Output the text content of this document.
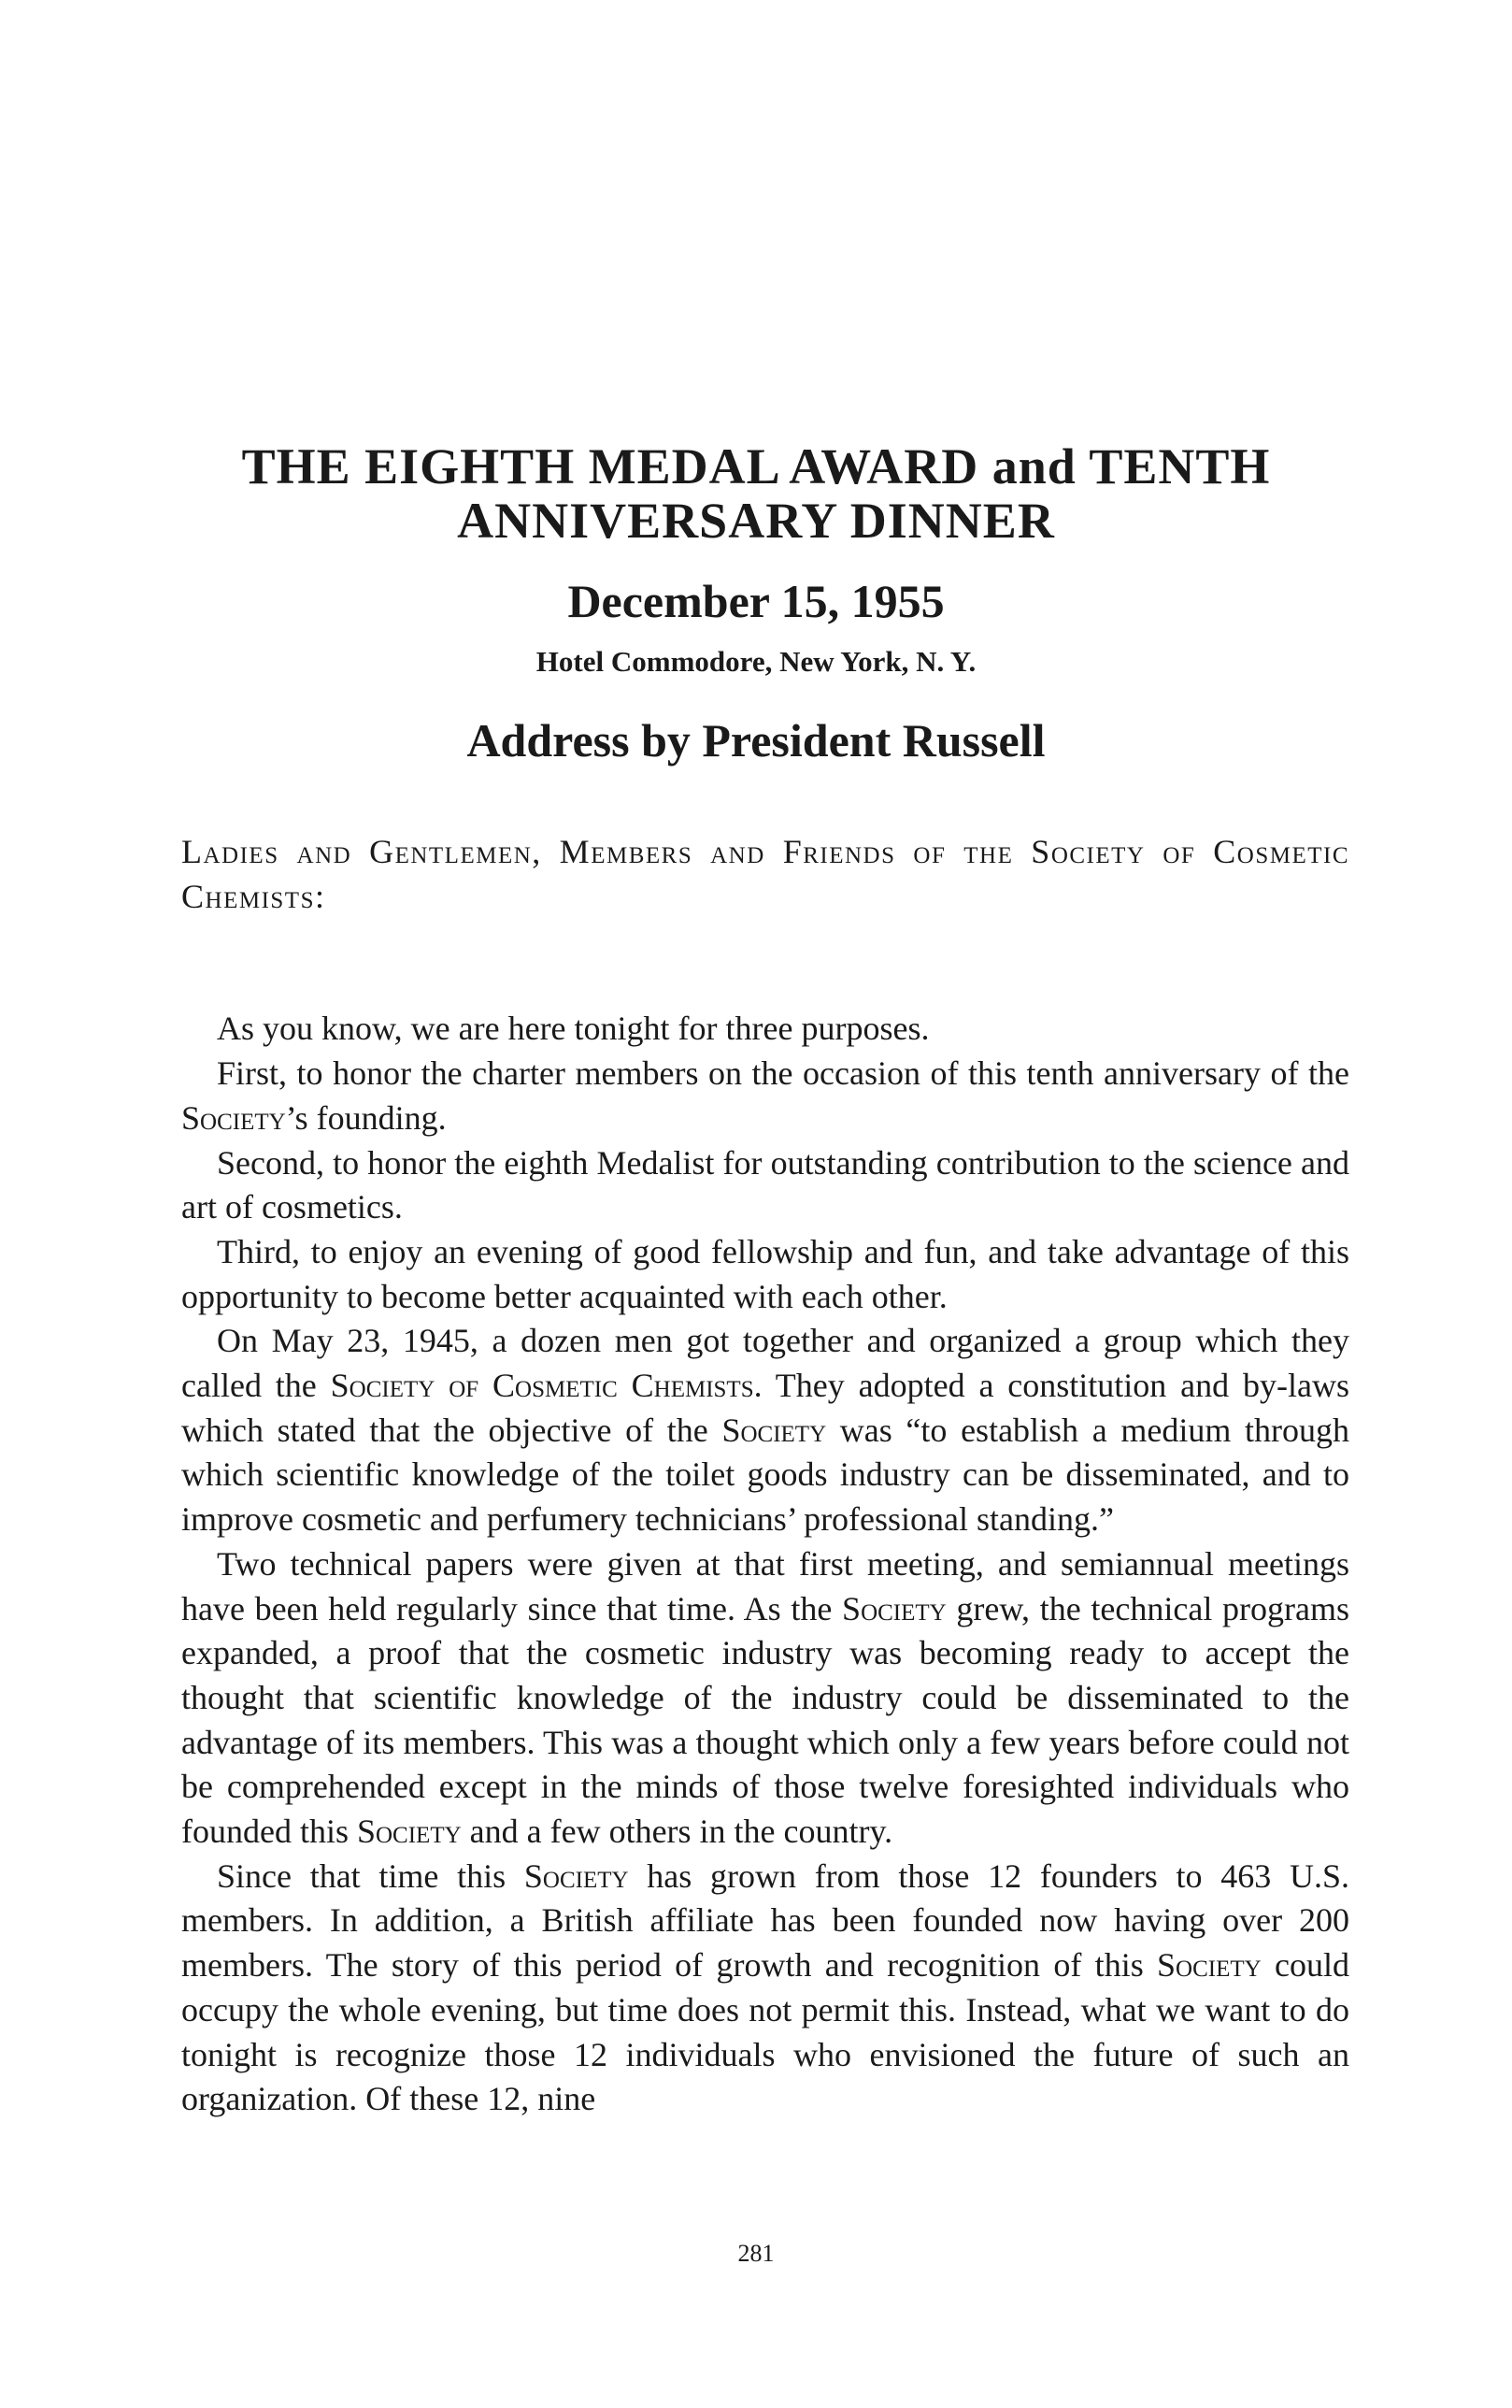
THE EIGHTH MEDAL AWARD and TENTH

ANNIVERSARY DINNER

December 15, 1955
Hotel Commodore, New York, N. Y.
Address by President Russell

Ladies and Gentlemen, Members and Friends of the Society of Cosmetic Chemists:

As you know, we are here tonight for three purposes.

First, to honor the charter members on the occasion of this tenth anniversary of the Society’s founding.

Second, to honor the eighth Medalist for outstanding contribution to the science and art of cosmetics.

Third, to enjoy an evening of good fellowship and fun, and take advantage of this opportunity to become better acquainted with each other.

On May 23, 1945, a dozen men got together and organized a group which they called the Society of Cosmetic Chemists. They adopted a constitution and by-laws which stated that the objective of the Society was “to establish a medium through which scientific knowledge of the toilet goods industry can be disseminated, and to improve cosmetic and perfumery technicians’ professional standing.”

Two technical papers were given at that first meeting, and semiannual meetings have been held regularly since that time. As the Society grew, the technical programs expanded, a proof that the cosmetic industry was becoming ready to accept the thought that scientific knowledge of the industry could be disseminated to the advantage of its members. This was a thought which only a few years before could not be comprehended except in the minds of those twelve foresighted individuals who founded this Society and a few others in the country.

Since that time this Society has grown from those 12 founders to 463 U.S. members. In addition, a British affiliate has been founded now having over 200 members. The story of this period of growth and recognition of this Society could occupy the whole evening, but time does not permit this. Instead, what we want to do tonight is recognize those 12 individuals who envisioned the future of such an organization. Of these 12, nine

281
